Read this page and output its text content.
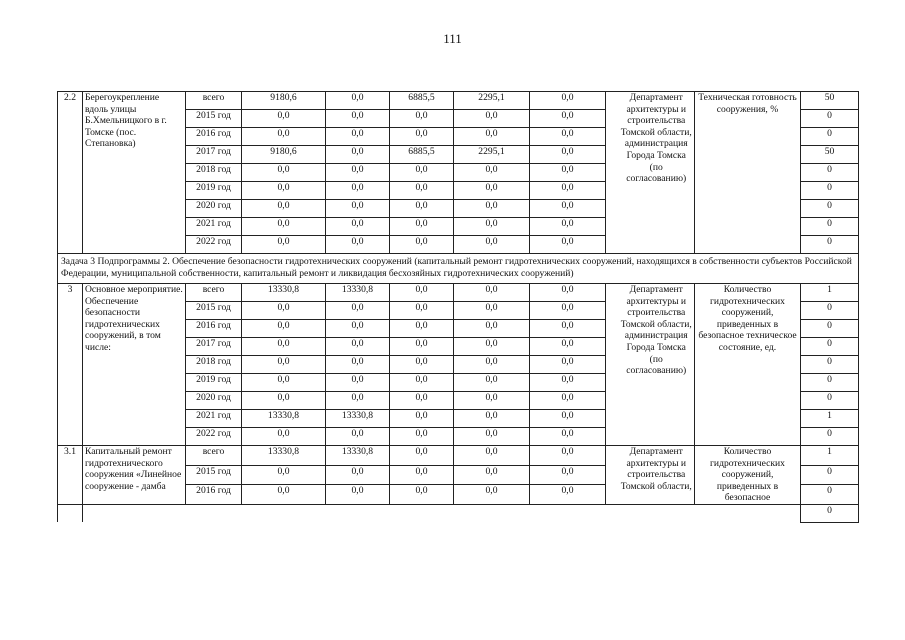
111
2.2	Берегоукрепление вдоль улицы Б.Хмельницкого в г. Томске (пос. Степановка)	всего	9180,6	0,0	6885,5	2295,1	0,0		Департамент архитектуры и строительства Томской области, администрация Города Томска (по согласованию)	Техническая готовность сооружения, %	50
		2015 год	0,0	0,0	0,0	0,0	0,0				0
		2016 год	0,0	0,0	0,0	0,0	0,0				0
		2017 год	9180,6	0,0	6885,5	2295,1	0,0				50
		2018 год	0,0	0,0	0,0	0,0	0,0				0
		2019 год	0,0	0,0	0,0	0,0	0,0				0
		2020 год	0,0	0,0	0,0	0,0	0,0				0
		2021 год	0,0	0,0	0,0	0,0	0,0				0
		2022 год	0,0	0,0	0,0	0,0	0,0				0
Задача 3 Подпрограммы 2. Обеспечение безопасности гидротехнических сооружений (капитальный ремонт гидротехнических сооружений, находящихся в собственности субъектов Российской Федерации, муниципальной собственности, капитальный ремонт и ликвидация бесхозяйных гидротехнических сооружений)											
3	Основное мероприятие. Обеспечение безопасности гидротехнических сооружений, в том числе:	всего	13330,8	13330,8	0,0	0,0	0,0		Департамент архитектуры и строительства Томской области, администрация Города Томска (по согласованию)	Количество гидротехнических сооружений, приведенных в безопасное техническое состояние, ед.	1
		2015 год	0,0	0,0	0,0	0,0	0,0				0
		2016 год	0,0	0,0	0,0	0,0	0,0				0
		2017 год	0,0	0,0	0,0	0,0	0,0				0
		2018 год	0,0	0,0	0,0	0,0	0,0				0
		2019 год	0,0	0,0	0,0	0,0	0,0				0
		2020 год	0,0	0,0	0,0	0,0	0,0				0
		2021 год	13330,8	13330,8	0,0	0,0	0,0				1
		2022 год	0,0	0,0	0,0	0,0	0,0				0
3.1	Капитальный ремонт гидротехнического сооружения «Линейное сооружение - дамба	всего	13330,8	13330,8	0,0	0,0	0,0		Департамент архитектуры и строительства Томской области,	Количество гидротехнических сооружений, приведенных в безопасное	1
		2015 год	0,0	0,0	0,0	0,0	0,0				0
		2016 год	0,0	0,0	0,0	0,0	0,0				0
											0
